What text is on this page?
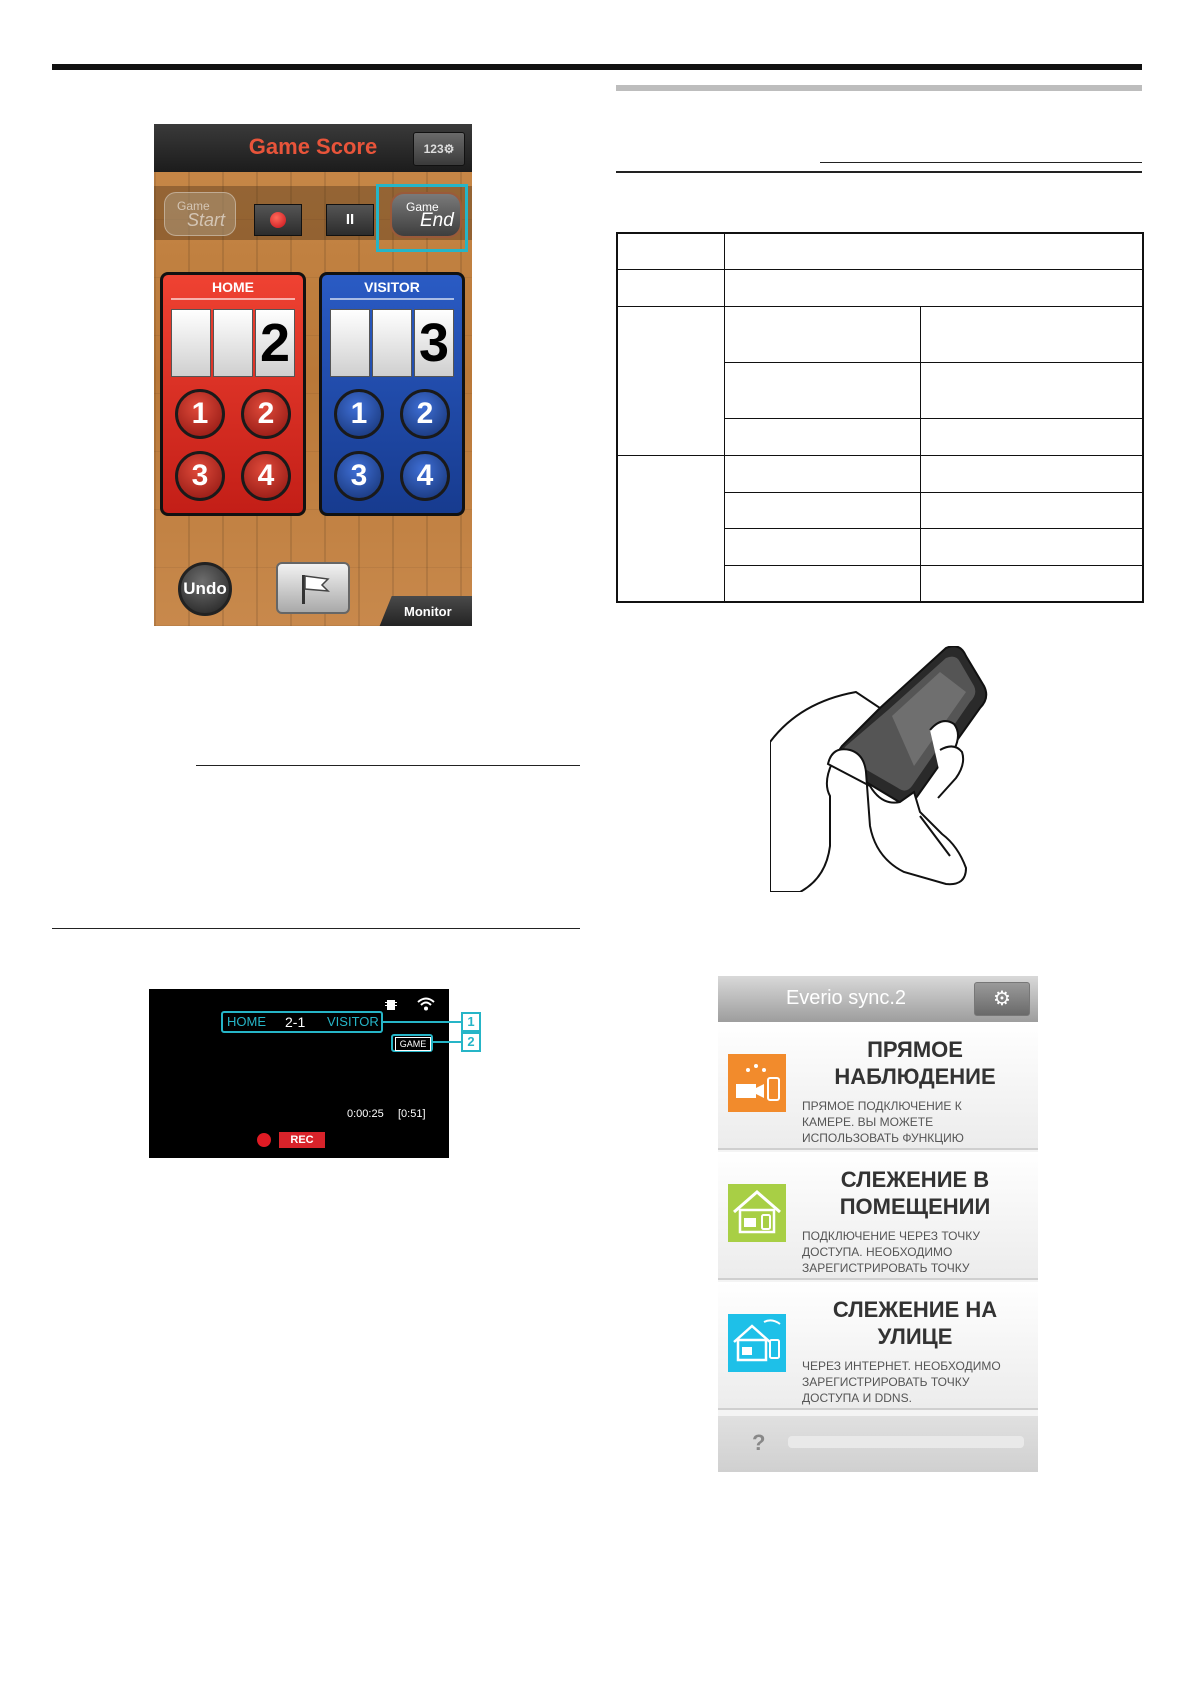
Game Score	123⚙
Game
Start	II
Game
End
HOME
2
1	2
3	4
VISITOR
3
1	2
3	4
Undo
Monitor
HOME 2-1 VISITOR
GAME
0:00:25 [0:51]
REC
1
2
Everio sync.2	⚙
ПРЯМОЕ
НАБЛЮДЕНИЕ
ПРЯМОЕ ПОДКЛЮЧЕНИЕ К
КАМЕРЕ. ВЫ МОЖЕТЕ
ИСПОЛЬЗОВАТЬ ФУНКЦИЮ
СЛЕЖЕНИЕ В
ПОМЕЩЕНИИ
ПОДКЛЮЧЕНИЕ ЧЕРЕЗ ТОЧКУ
ДОСТУПА. НЕОБХОДИМО
ЗАРЕГИСТРИРОВАТЬ ТОЧКУ
СЛЕЖЕНИЕ НА
УЛИЦЕ
ЧЕРЕЗ ИНТЕРНЕТ. НЕОБХОДИМО
ЗАРЕГИСТРИРОВАТЬ ТОЧКУ
ДОСТУПА И DDNS.
?
